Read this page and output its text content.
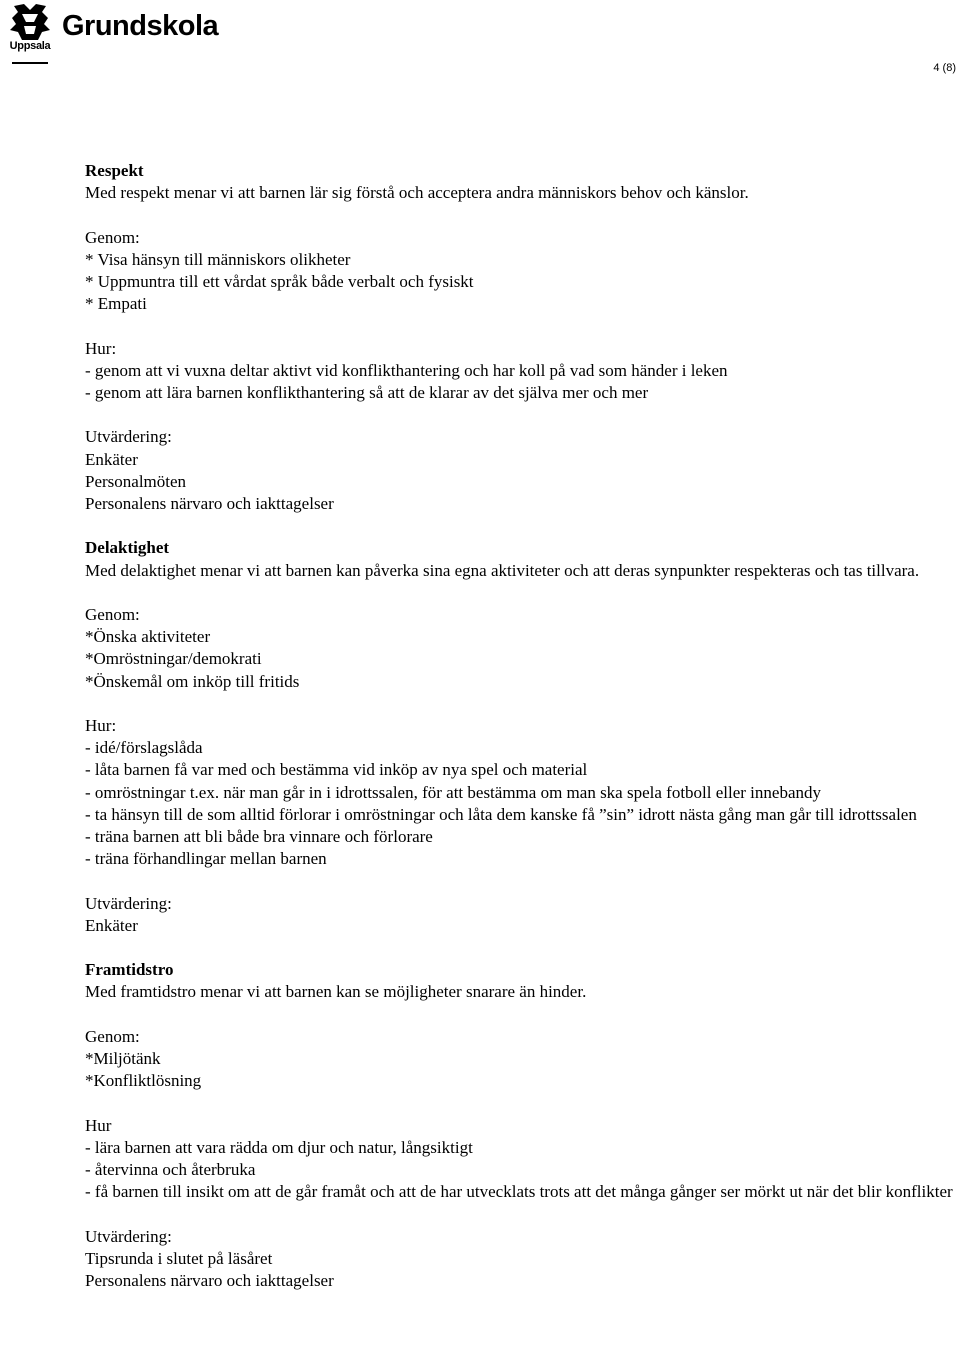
Uppsala
Grundskola
4 (8)
Respekt
Med respekt menar vi att barnen lär sig förstå och acceptera andra människors behov och känslor.
Genom:
* Visa hänsyn till människors olikheter
* Uppmuntra till ett vårdat språk både verbalt och fysiskt
* Empati
Hur:
- genom att vi vuxna deltar aktivt vid konflikthantering och har koll på vad som händer i leken
- genom att lära barnen konflikthantering så att de klarar av det själva mer och mer
Utvärdering:
Enkäter
Personalmöten
Personalens närvaro och iakttagelser
Delaktighet
Med delaktighet menar vi att barnen kan påverka sina egna aktiviteter och att deras synpunkter respekteras och tas tillvara.
Genom:
*Önska aktiviteter
*Omröstningar/demokrati
*Önskemål om inköp till fritids
Hur:
- idé/förslagslåda
- låta barnen få var med och bestämma vid inköp av nya spel och material
- omröstningar t.ex. när man går in i idrottssalen, för att bestämma om man ska spela fotboll eller innebandy
- ta hänsyn till de som alltid förlorar i omröstningar och låta dem kanske få ”sin” idrott nästa gång man går till idrottssalen
- träna barnen att bli både bra vinnare och förlorare
- träna förhandlingar mellan barnen
Utvärdering:
Enkäter
Framtidstro
Med framtidstro menar vi att barnen kan se möjligheter snarare än hinder.
Genom:
*Miljötänk
*Konfliktlösning
Hur
- lära barnen att vara rädda om djur och natur, långsiktigt
- återvinna och återbruka
- få barnen till insikt om att de går framåt och att de har utvecklats trots att det många gånger ser mörkt ut när det blir konflikter
Utvärdering:
Tipsrunda i slutet på läsåret
Personalens närvaro och iakttagelser
